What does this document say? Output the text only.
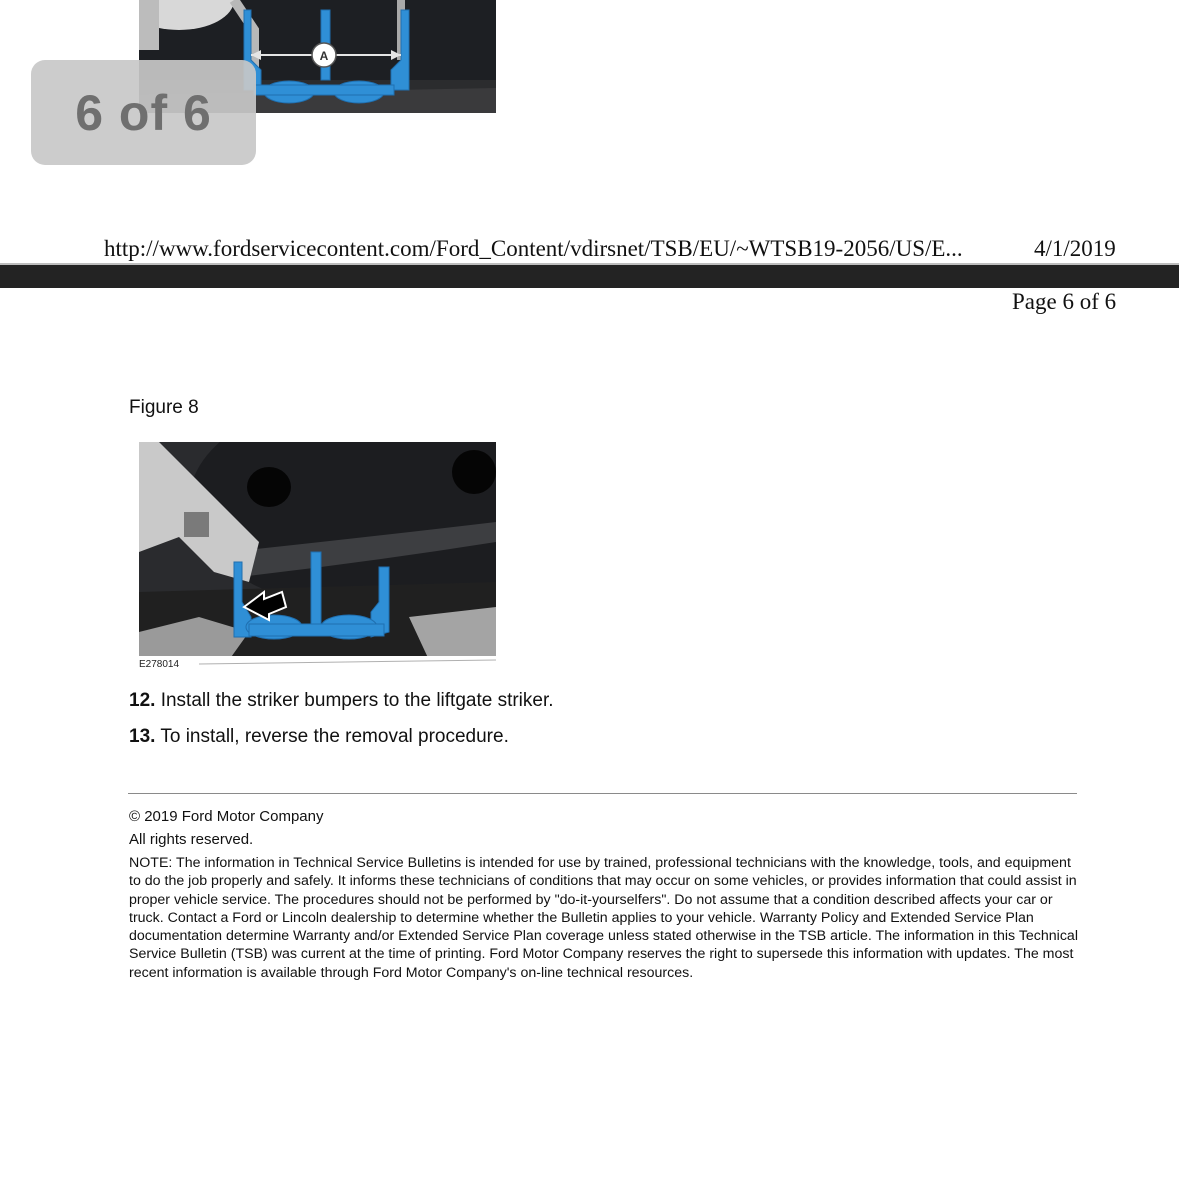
A
6 of 6
http://www.fordservicecontent.com/Ford_Content/vdirsnet/TSB/EU/~WTSB19-2056/US/E...	4/1/2019
Page 6 of 6
Figure 8
E278014
12. Install the striker bumpers to the liftgate striker.
13. To install, reverse the removal procedure.
© 2019 Ford Motor Company
All rights reserved.
NOTE: The information in Technical Service Bulletins is intended for use by trained, professional technicians with the knowledge, tools, and equipment to do the job properly and safely. It informs these technicians of conditions that may occur on some vehicles, or provides information that could assist in proper vehicle service. The procedures should not be performed by "do-it-yourselfers". Do not assume that a condition described affects your car or truck. Contact a Ford or Lincoln dealership to determine whether the Bulletin applies to your vehicle. Warranty Policy and Extended Service Plan documentation determine Warranty and/or Extended Service Plan coverage unless stated otherwise in the TSB article. The information in this Technical Service Bulletin (TSB) was current at the time of printing. Ford Motor Company reserves the right to supersede this information with updates. The most recent information is available through Ford Motor Company's on-line technical resources.
